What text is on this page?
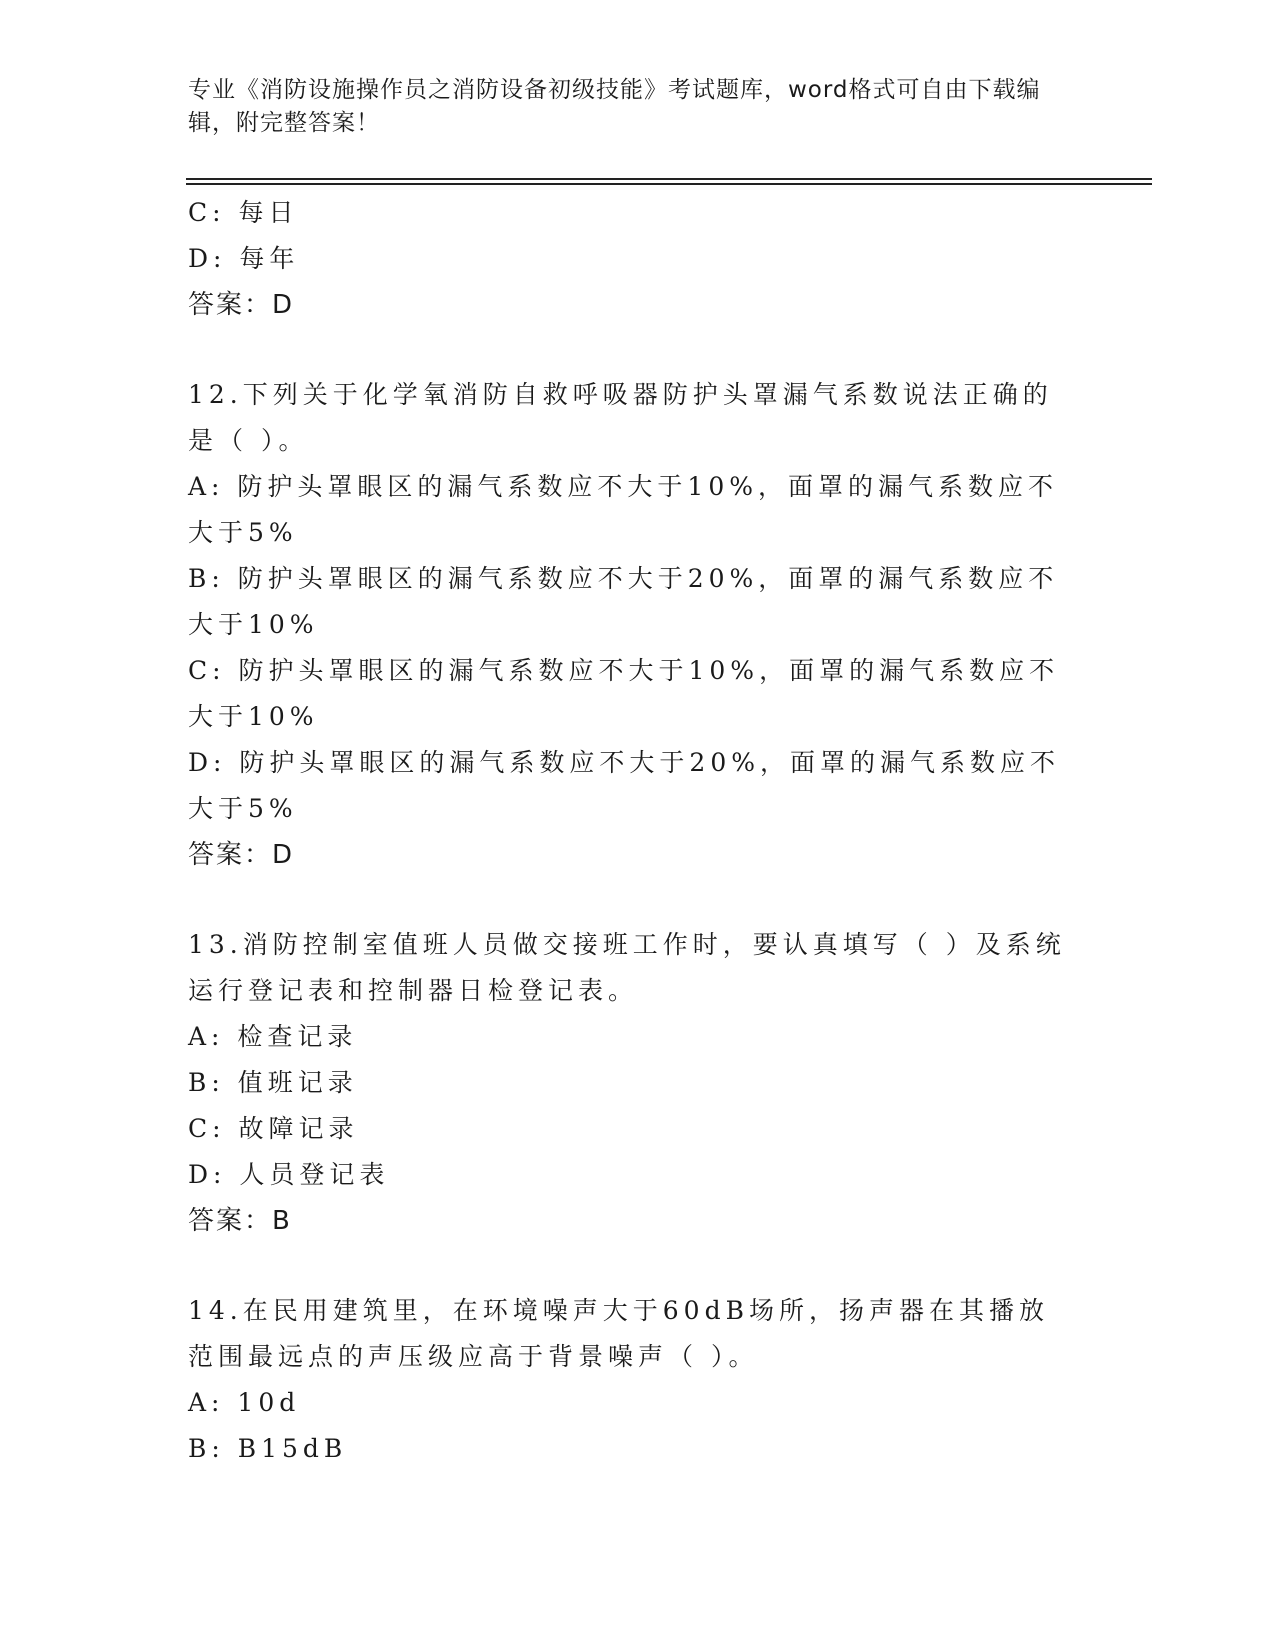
专业《消防设施操作员之消防设备初级技能》考试题库，word格式可自由下载编
辑，附完整答案！
C: 每日
D: 每年
答案：D
12.下列关于化学氧消防自救呼吸器防护头罩漏气系数说法正确的是（ ）。
A: 防护头罩眼区的漏气系数应不大于10%，面罩的漏气系数应不大于5%
B: 防护头罩眼区的漏气系数应不大于20%，面罩的漏气系数应不大于10%
C: 防护头罩眼区的漏气系数应不大于10%，面罩的漏气系数应不大于10%
D: 防护头罩眼区的漏气系数应不大于20%，面罩的漏气系数应不大于5%
答案：D
13.消防控制室值班人员做交接班工作时，要认真填写（ ）及系统运行登记表和控制器日检登记表。
A: 检查记录
B: 值班记录
C: 故障记录
D: 人员登记表
答案：B
14.在民用建筑里，在环境噪声大于60dB场所，扬声器在其播放范围最远点的声压级应高于背景噪声（ ）。
A: 10d
B: B15dB
